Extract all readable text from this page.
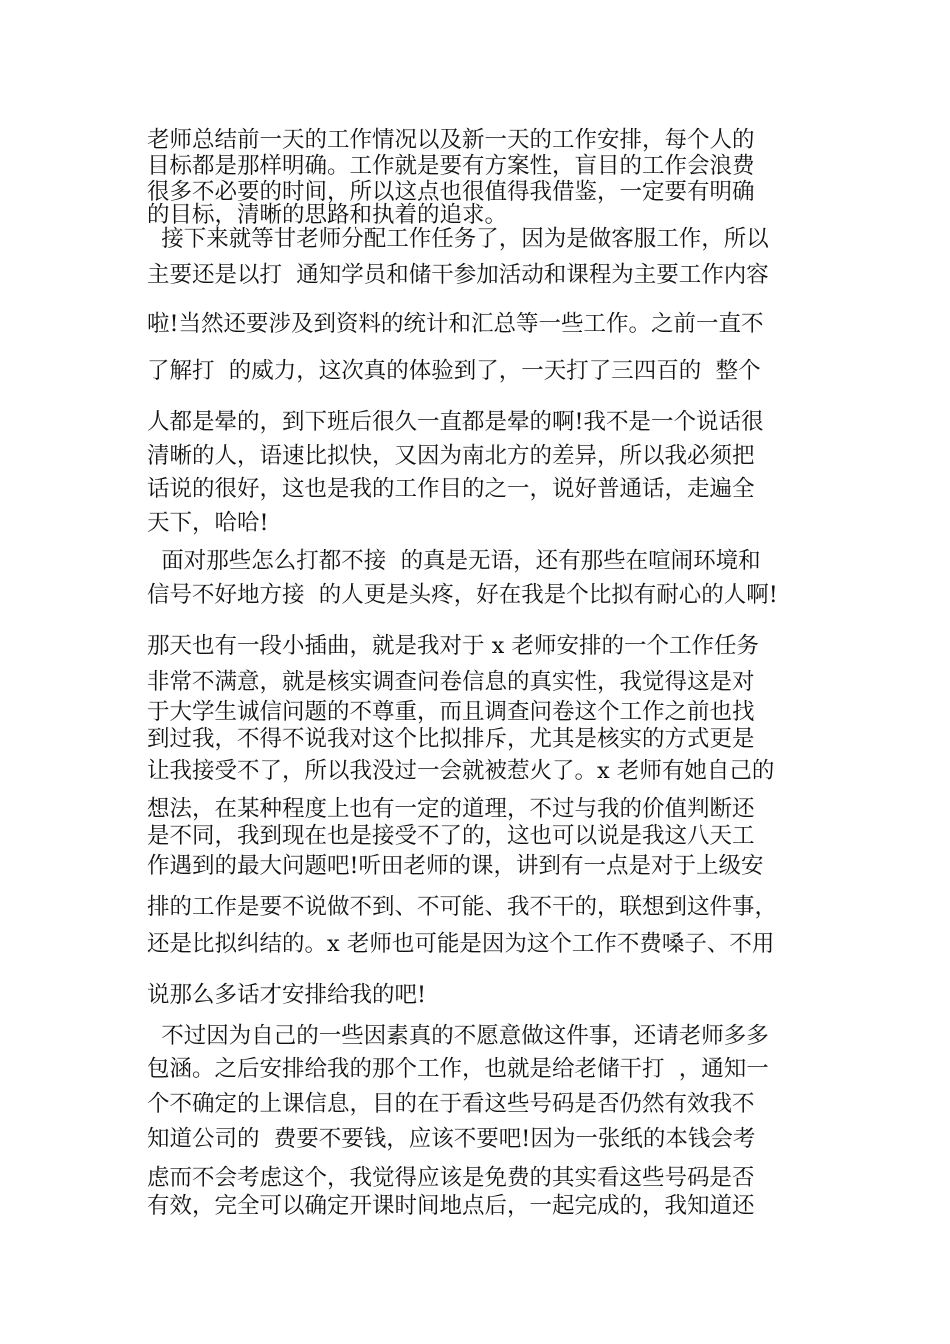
老师总结前一天的工作情况以及新一天的工作安排，每个人的
目标都是那样明确。工作就是要有方案性，盲目的工作会浪费
很多不必要的时间，所以这点也很值得我借鉴，一定要有明确
的目标，清晰的思路和执着的追求。
接下来就等甘老师分配工作任务了，因为是做客服工作，所以
主要还是以打  通知学员和储干参加活动和课程为主要工作内容
啦!当然还要涉及到资料的统计和汇总等一些工作。之前一直不
了解打  的威力，这次真的体验到了，一天打了三四百的  整个
人都是晕的，到下班后很久一直都是晕的啊!我不是一个说话很
清晰的人，语速比拟快，又因为南北方的差异，所以我必须把
话说的很好，这也是我的工作目的之一，说好普通话，走遍全
天下，哈哈!
面对那些怎么打都不接  的真是无语，还有那些在喧闹环境和
信号不好地方接  的人更是头疼，好在我是个比拟有耐心的人啊!
那天也有一段小插曲，就是我对于 x 老师安排的一个工作任务
非常不满意，就是核实调查问卷信息的真实性，我觉得这是对
于大学生诚信问题的不尊重，而且调查问卷这个工作之前也找
到过我，不得不说我对这个比拟排斥，尤其是核实的方式更是
让我接受不了，所以我没过一会就被惹火了。x 老师有她自己的
想法，在某种程度上也有一定的道理，不过与我的价值判断还
是不同，我到现在也是接受不了的，这也可以说是我这八天工
作遇到的最大问题吧!听田老师的课，讲到有一点是对于上级安
排的工作是要不说做不到、不可能、我不干的，联想到这件事，
还是比拟纠结的。x 老师也可能是因为这个工作不费嗓子、不用
说那么多话才安排给我的吧!
不过因为自己的一些因素真的不愿意做这件事，还请老师多多
包涵。之后安排给我的那个工作，也就是给老储干打  ，通知一
个不确定的上课信息，目的在于看这些号码是否仍然有效我不
知道公司的  费要不要钱，应该不要吧!因为一张纸的本钱会考
虑而不会考虑这个，我觉得应该是免费的其实看这些号码是否
有效，完全可以确定开课时间地点后，一起完成的，我知道还
